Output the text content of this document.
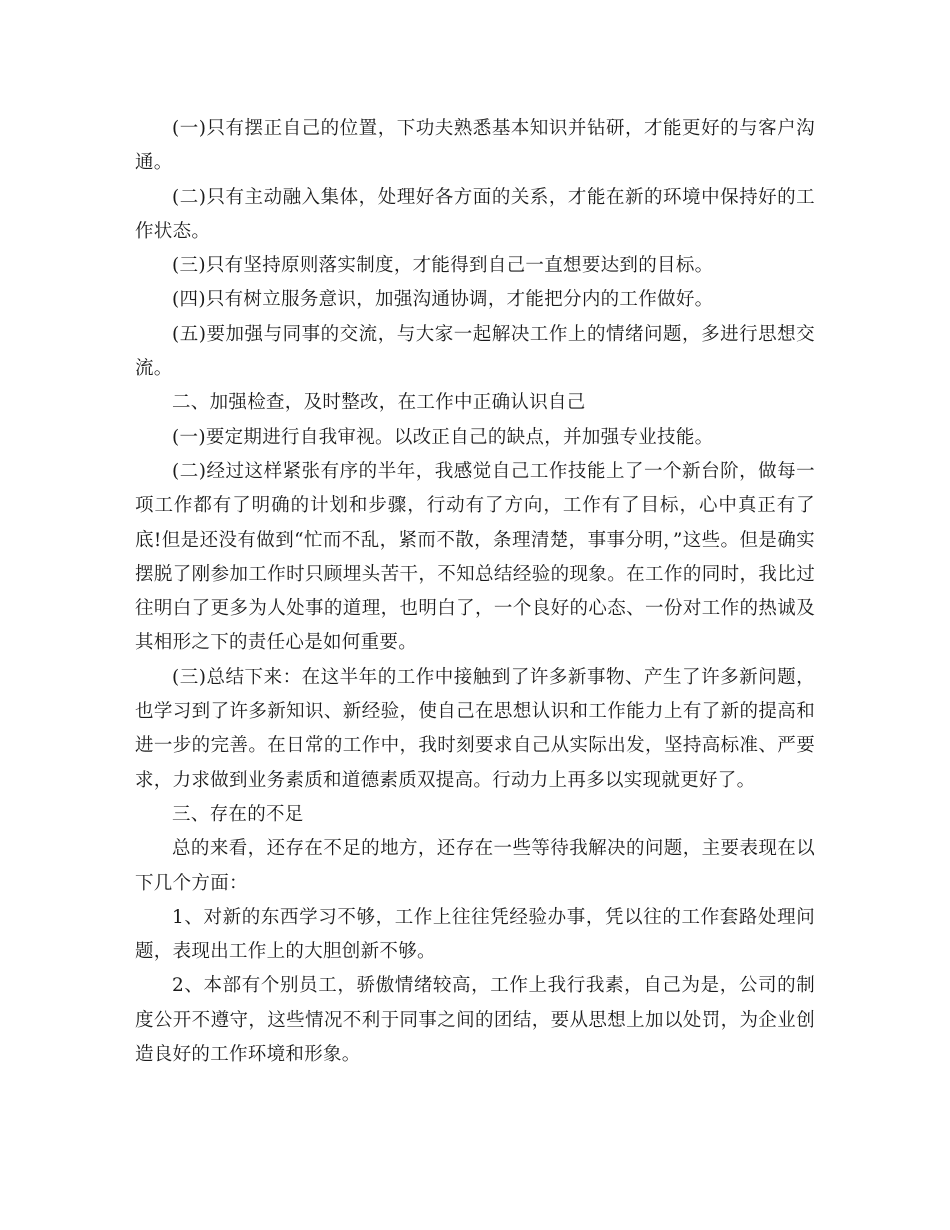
(一)只有摆正自己的位置，下功夫熟悉基本知识并钻研，才能更好的与客户沟通。

(二)只有主动融入集体，处理好各方面的关系，才能在新的环境中保持好的工作状态。

(三)只有坚持原则落实制度，才能得到自己一直想要达到的目标。

(四)只有树立服务意识，加强沟通协调，才能把分内的工作做好。

(五)要加强与同事的交流，与大家一起解决工作上的情绪问题，多进行思想交流。

二、加强检查，及时整改，在工作中正确认识自己

(一)要定期进行自我审视。以改正自己的缺点，并加强专业技能。

(二)经过这样紧张有序的半年，我感觉自己工作技能上了一个新台阶，做每一项工作都有了明确的计划和步骤，行动有了方向，工作有了目标，心中真正有了底!但是还没有做到“忙而不乱，紧而不散，条理清楚，事事分明，”这些。但是确实摆脱了刚参加工作时只顾埋头苦干，不知总结经验的现象。在工作的同时，我比过往明白了更多为人处事的道理，也明白了，一个良好的心态、一份对工作的热诚及其相形之下的责任心是如何重要。

(三)总结下来：在这半年的工作中接触到了许多新事物、产生了许多新问题，也学习到了许多新知识、新经验，使自己在思想认识和工作能力上有了新的提高和进一步的完善。在日常的工作中，我时刻要求自己从实际出发，坚持高标准、严要求，力求做到业务素质和道德素质双提高。行动力上再多以实现就更好了。

三、存在的不足

总的来看，还存在不足的地方，还存在一些等待我解决的问题，主要表现在以下几个方面：

1、对新的东西学习不够，工作上往往凭经验办事，凭以往的工作套路处理问题，表现出工作上的大胆创新不够。

2、本部有个别员工，骄傲情绪较高，工作上我行我素，自己为是，公司的制度公开不遵守，这些情况不利于同事之间的团结，要从思想上加以处罚，为企业创造良好的工作环境和形象。
